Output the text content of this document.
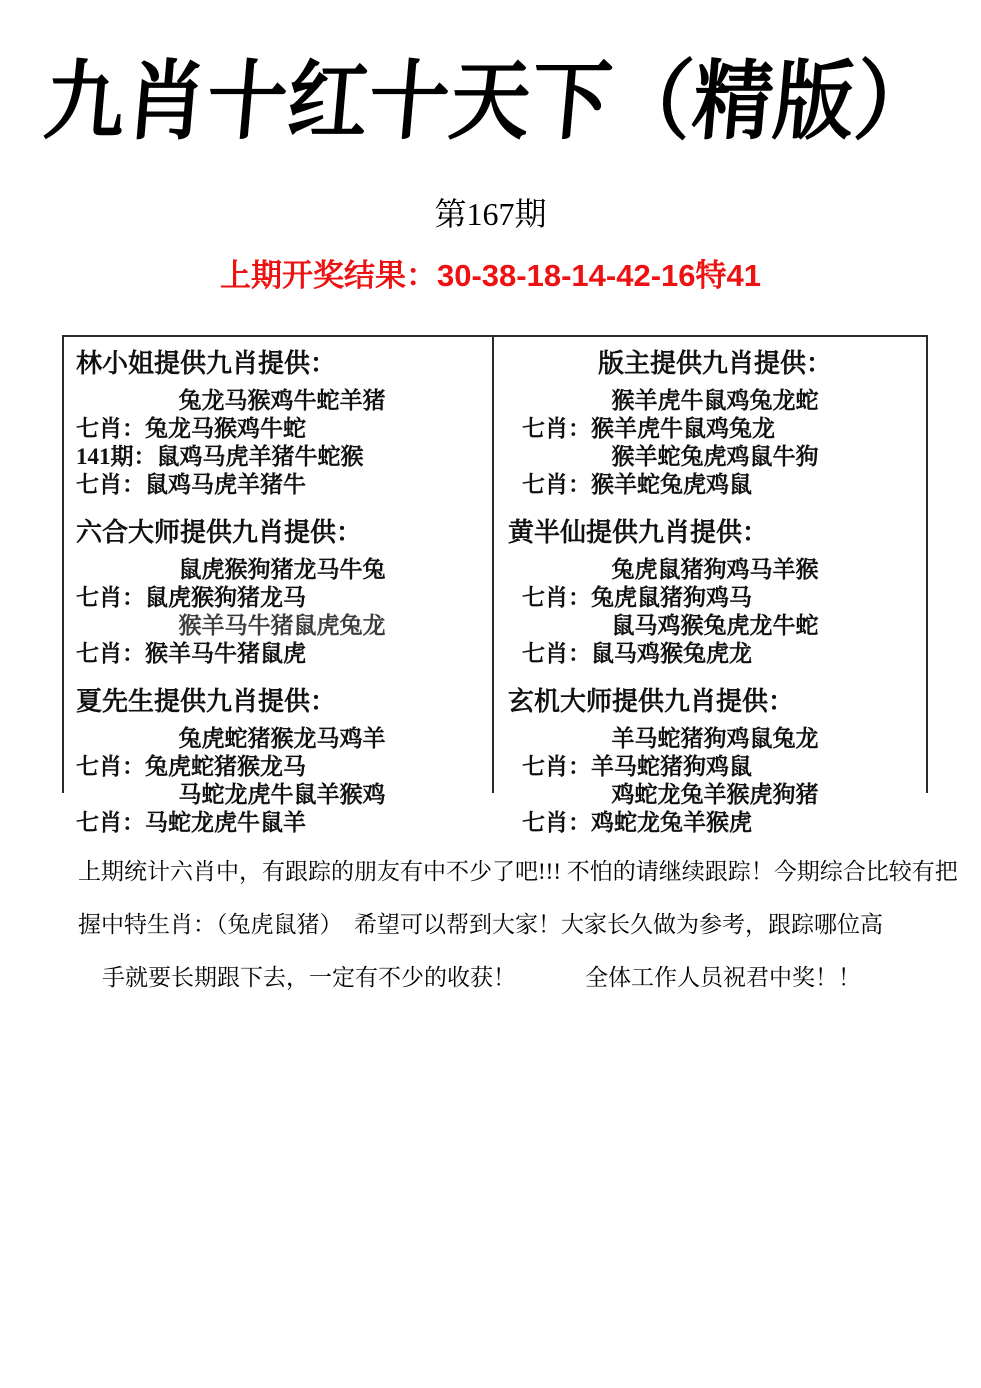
九肖十红十天下（精版）
第167期
上期开奖结果：30-38-18-14-42-16特41
林小姐提供九肖提供：
兔龙马猴鸡牛蛇羊猪
七肖：兔龙马猴鸡牛蛇
141期：鼠鸡马虎羊猪牛蛇猴
七肖：鼠鸡马虎羊猪牛
六合大师提供九肖提供：
鼠虎猴狗猪龙马牛兔
七肖：鼠虎猴狗猪龙马
猴羊马牛猪鼠虎兔龙
七肖：猴羊马牛猪鼠虎
夏先生提供九肖提供：
兔虎蛇猪猴龙马鸡羊
七肖：兔虎蛇猪猴龙马
马蛇龙虎牛鼠羊猴鸡
七肖：马蛇龙虎牛鼠羊
版主提供九肖提供：
猴羊虎牛鼠鸡兔龙蛇
七肖：猴羊虎牛鼠鸡兔龙
猴羊蛇兔虎鸡鼠牛狗
七肖：猴羊蛇兔虎鸡鼠
黄半仙提供九肖提供：
兔虎鼠猪狗鸡马羊猴
七肖：兔虎鼠猪狗鸡马
鼠马鸡猴兔虎龙牛蛇
七肖：鼠马鸡猴兔虎龙
玄机大师提供九肖提供：
羊马蛇猪狗鸡鼠兔龙
七肖：羊马蛇猪狗鸡鼠
鸡蛇龙兔羊猴虎狗猪
七肖：鸡蛇龙兔羊猴虎
上期统计六肖中，有跟踪的朋友有中不少了吧!!! 不怕的请继续跟踪！今期综合比较有把
握中特生肖：（兔虎鼠猪）　希望可以帮到大家！大家长久做为参考，跟踪哪位高
手就要长期跟下去，一定有不少的收获！　　　全体工作人员祝君中奖！！
